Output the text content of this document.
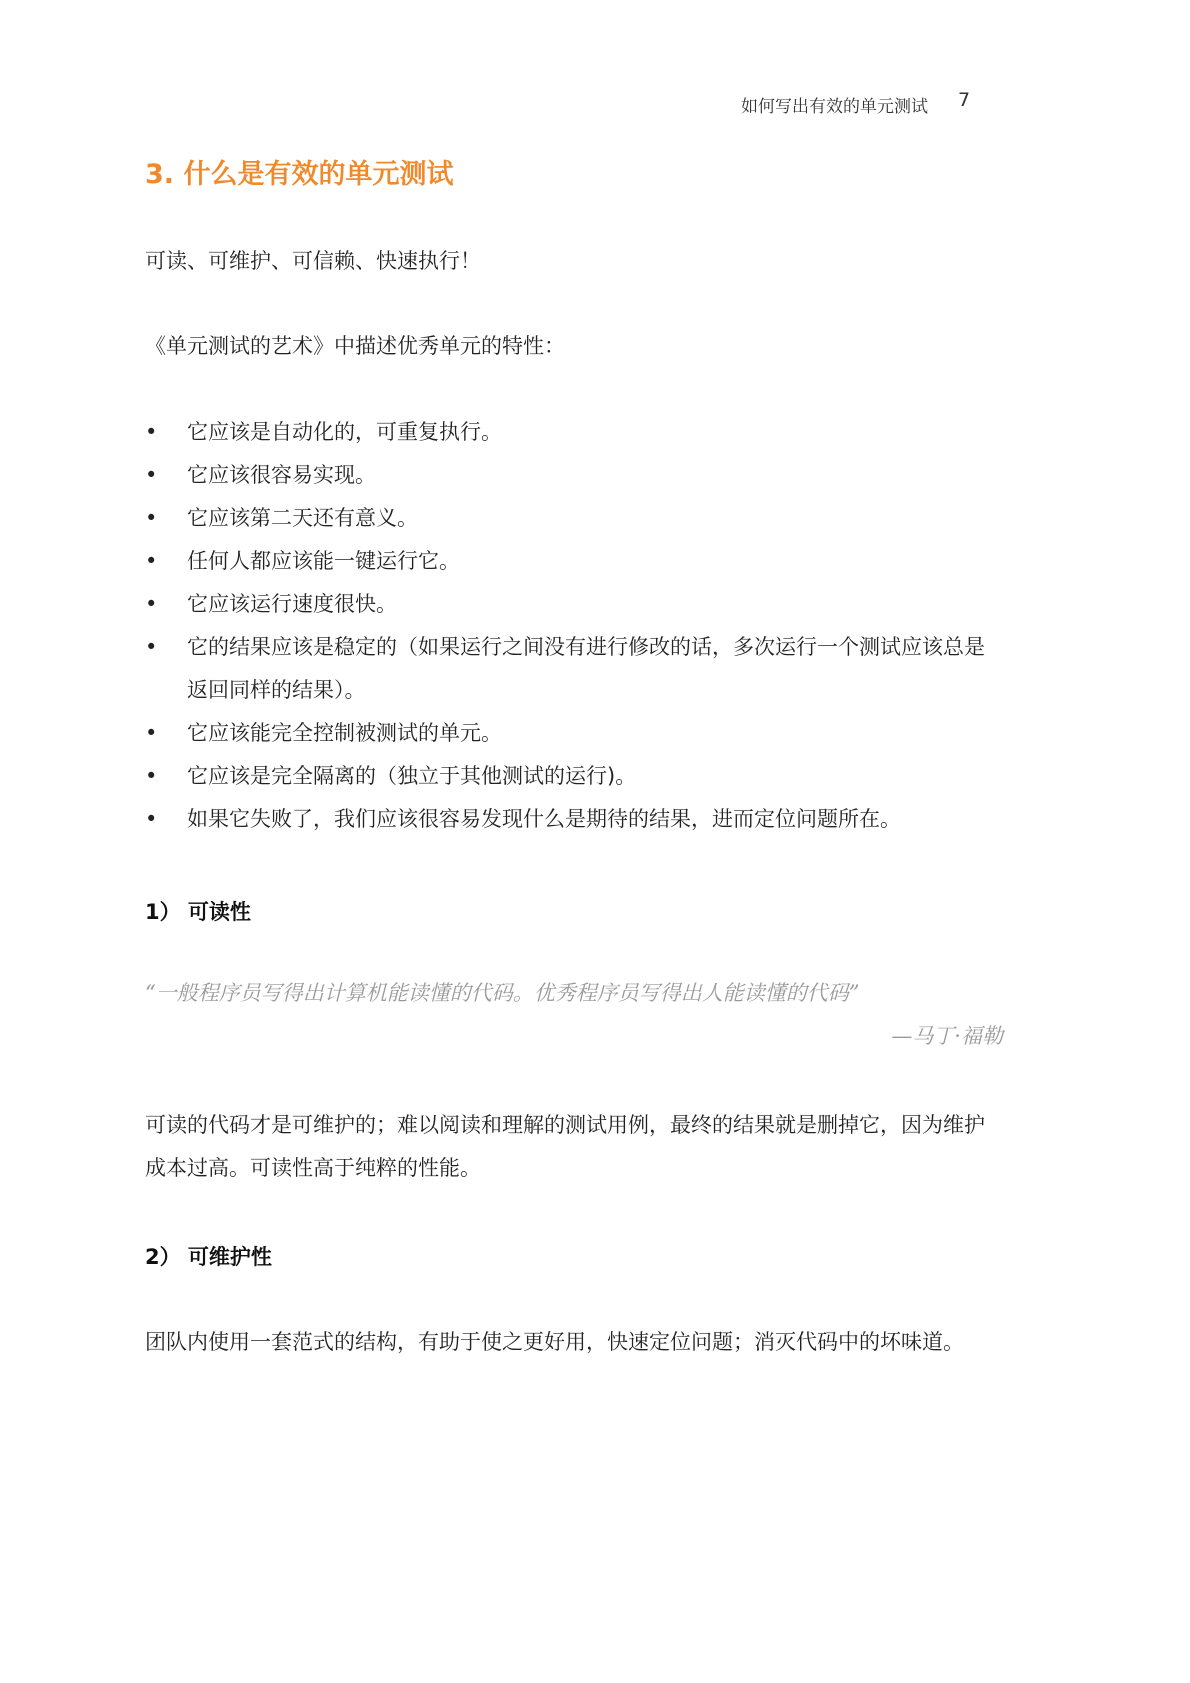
如何写出有效的单元测试 7
3. 什么是有效的单元测试

可读、可维护、可信赖、快速执行！

《单元测试的艺术》中描述优秀单元的特性：

•	它应该是自动化的，可重复执行。
•	它应该很容易实现。
•	它应该第二天还有意义。
•	任何人都应该能一键运行它。
•	它应该运行速度很快。
•	它的结果应该是稳定的（如果运行之间没有进行修改的话，多次运行一个测试应该总是返回同样的结果）。
•	它应该能完全控制被测试的单元。
•	它应该是完全隔离的（独立于其他测试的运行)。
•	如果它失败了，我们应该很容易发现什么是期待的结果，进而定位问题所在。
1） 可读性
“一般程序员写得出计算机能读懂的代码。优秀程序员写得出人能读懂的代码”
—马丁·福勒

可读的代码才是可维护的；难以阅读和理解的测试用例，最终的结果就是删掉它，因为维护成本过高。可读性高于纯粹的性能。

2） 可维护性

团队内使用一套范式的结构，有助于使之更好用，快速定位问题；消灭代码中的坏味道。
